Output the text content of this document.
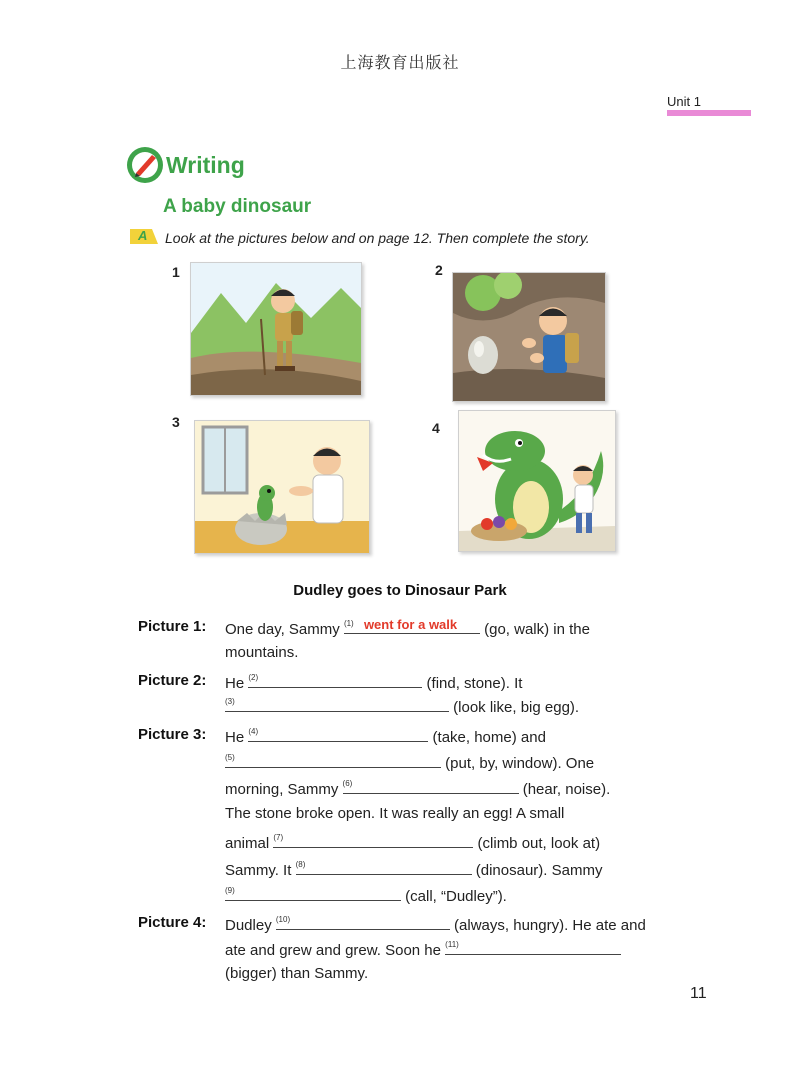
上海教育出版社
Unit 1
Writing
A baby dinosaur
A Look at the pictures below and on page 12. Then complete the story.
1	2
3	4
Dudley goes to Dinosaur Park
Picture 1: One day, Sammy (1) went for a walk (go, walk) in the
mountains.
Picture 2: He (2)	(find, stone). It
(3)	(look like, big egg).
Picture 3: He (4)	(take, home) and
(5)	(put, by, window). One
morning, Sammy (6)	(hear, noise).
The stone broke open. It was really an egg! A small
animal (7)	(climb out, look at)
Sammy. It (8)	(dinosaur). Sammy
(9)	(call, “Dudley”).
Picture 4: Dudley (10)	(always, hungry). He ate and
ate and grew and grew. Soon he (11)
(bigger) than Sammy.
11
